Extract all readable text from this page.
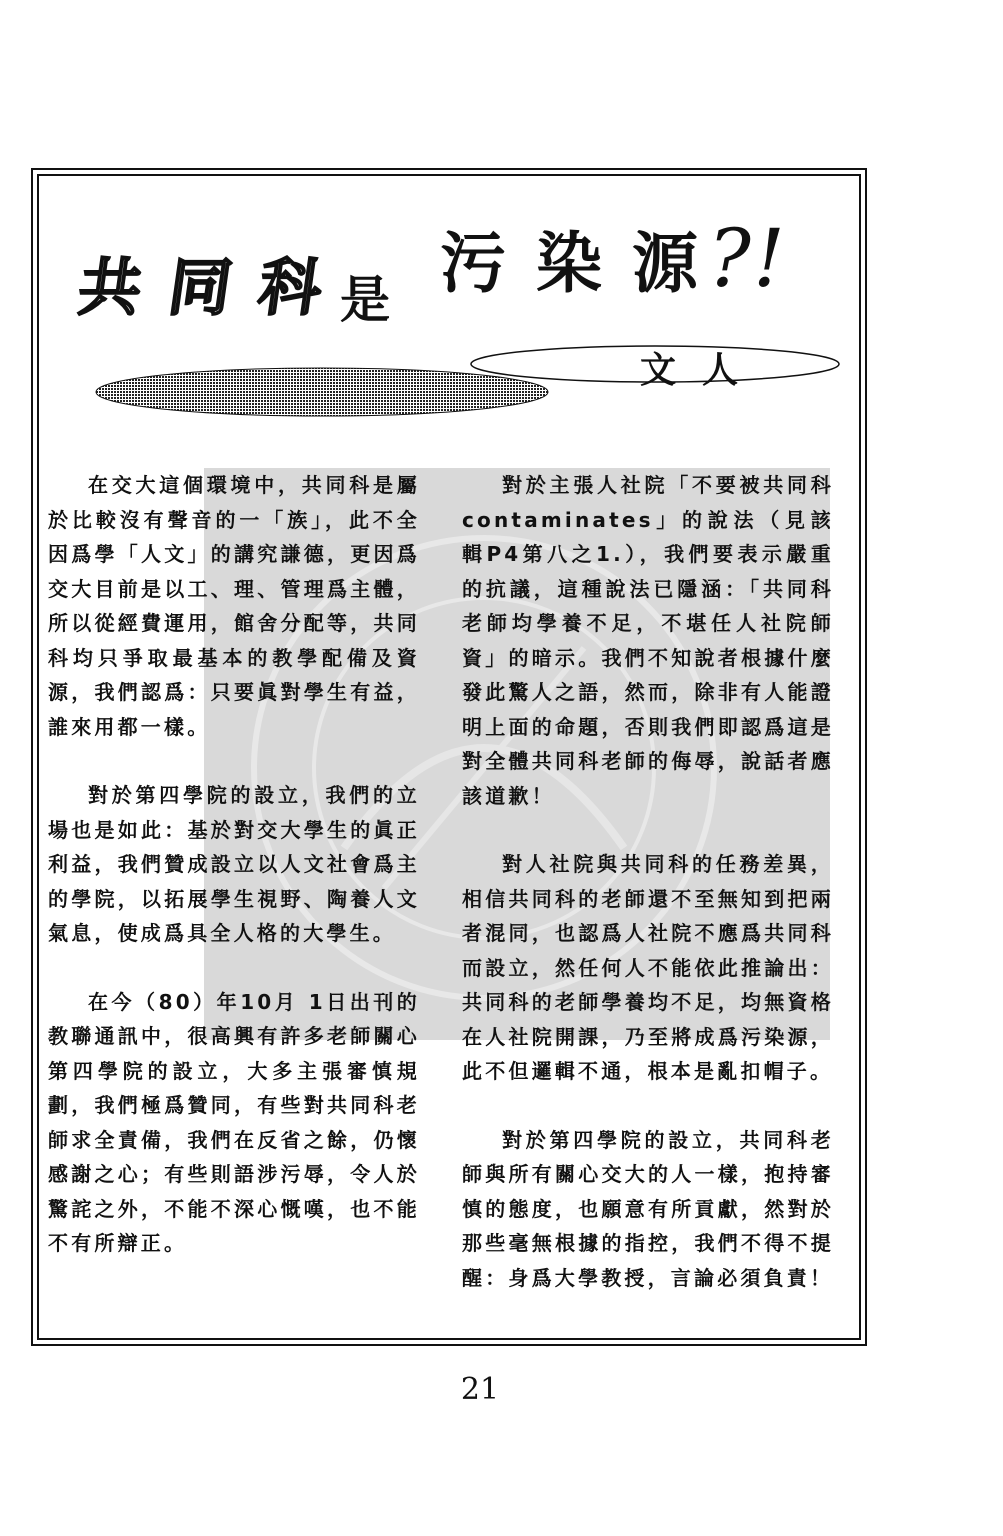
共同科
是 污染源
?!
文人

在交大這個環境中，共同科是屬於比較沒有聲音的一「族」，此不全因爲學「人文」的講究謙德，更因爲交大目前是以工、理、管理爲主體，所以從經費運用，館舍分配等，共同科均只爭取最基本的教學配備及資源，我們認爲：只要眞對學生有益，誰來用都一樣。

對於第四學院的設立，我們的立場也是如此：基於對交大學生的眞正利益，我們贊成設立以人文社會爲主的學院，以拓展學生視野、陶養人文氣息，使成爲具全人格的大學生。

在今（80）年10月 1日出刊的教聯通訊中，很高興有許多老師關心第四學院的設立，大多主張審慎規劃，我們極爲贊同，有些對共同科老師求全責備，我們在反省之餘，仍懷感謝之心；有些則語涉污辱，令人於驚詫之外，不能不深心慨嘆，也不能不有所辯正。

對於主張人社院「不要被共同科contaminates」的說法（見該輯P4第八之1.），我們要表示嚴重的抗議，這種說法已隱涵：「共同科老師均學養不足，不堪任人社院師資」的暗示。我們不知說者根據什麼發此驚人之語，然而，除非有人能證明上面的命題，否則我們即認爲這是對全體共同科老師的侮辱，說話者應該道歉！

對人社院與共同科的任務差異，相信共同科的老師還不至無知到把兩者混同，也認爲人社院不應爲共同科而設立，然任何人不能依此推論出：共同科的老師學養均不足，均無資格在人社院開課，乃至將成爲污染源，此不但邏輯不通，根本是亂扣帽子。

對於第四學院的設立，共同科老師與所有關心交大的人一樣，抱持審慎的態度，也願意有所貢獻，然對於那些毫無根據的指控，我們不得不提醒：身爲大學教授，言論必須負責！

21
